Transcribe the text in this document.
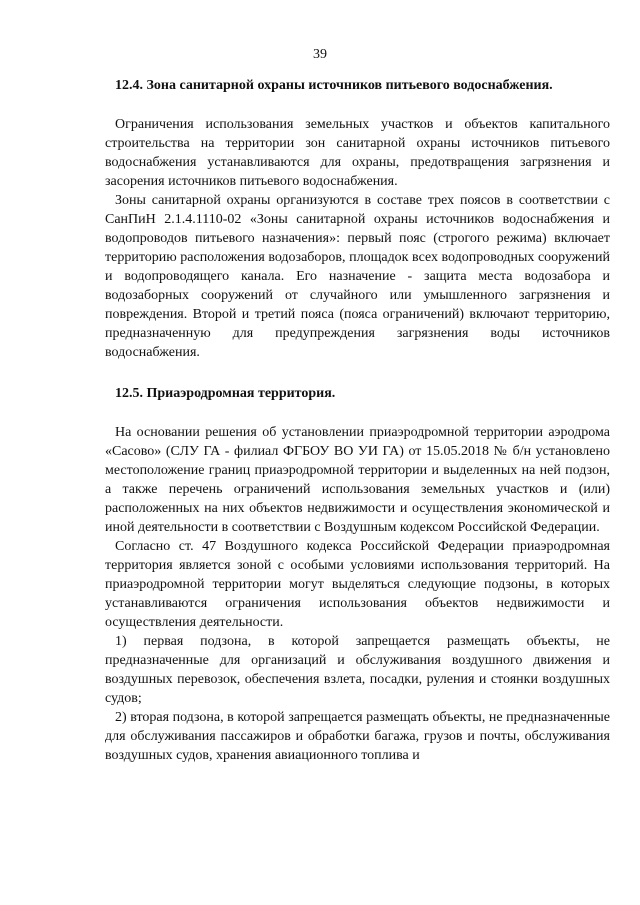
39

12.4. Зона санитарной охраны источников питьевого водоснабжения.

Ограничения использования земельных участков и объектов капитального строительства на территории зон санитарной охраны источников питьевого водоснабжения устанавливаются для охраны, предотвращения загрязнения и засорения источников питьевого водоснабжения.

Зоны санитарной охраны организуются в составе трех поясов в соответствии с СанПиН 2.1.4.1110-02 «Зоны санитарной охраны источников водоснабжения и водопроводов питьевого назначения»: первый пояс (строгого режима) включает территорию расположения водозаборов, площадок всех водопроводных сооружений и водопроводящего канала. Его назначение - защита места водозабора и водозаборных сооружений от случайного или умышленного загрязнения и повреждения. Второй и третий пояса (пояса ограничений) включают территорию, предназначенную для предупреждения загрязнения воды источников водоснабжения.

12.5. Приаэродромная территория.

На основании решения об установлении приаэродромной территории аэродрома «Сасово» (СЛУ ГА - филиал ФГБОУ ВО УИ ГА) от 15.05.2018 № б/н установлено местоположение границ приаэродромной территории и выделенных на ней подзон, а также перечень ограничений использования земельных участков и (или) расположенных на них объектов недвижимости и осуществления экономической и иной деятельности в соответствии с Воздушным кодексом Российской Федерации.

Согласно ст. 47 Воздушного кодекса Российской Федерации приаэродромная территория является зоной с особыми условиями использования территорий. На приаэродромной территории могут выделяться следующие подзоны, в которых устанавливаются ограничения использования объектов недвижимости и осуществления деятельности.

1) первая подзона, в которой запрещается размещать объекты, не предназначенные для организаций и обслуживания воздушного движения и воздушных перевозок, обеспечения взлета, посадки, руления и стоянки воздушных судов;

2) вторая подзона, в которой запрещается размещать объекты, не предназначенные для обслуживания пассажиров и обработки багажа, грузов и почты, обслуживания воздушных судов, хранения авиационного топлива и
